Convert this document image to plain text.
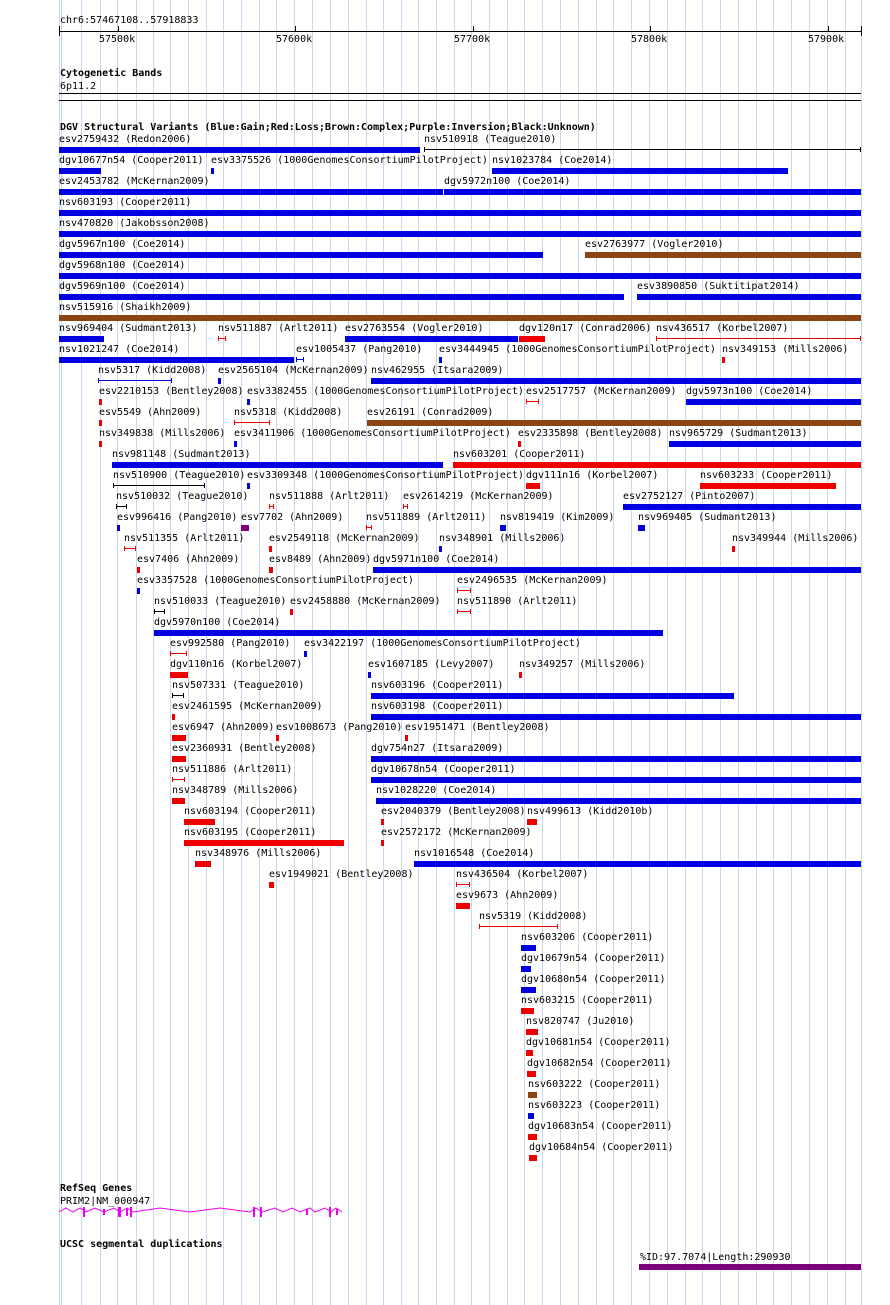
chr6:57467108..57918833
57500k	57600k	57700k	57800k	57900k
Cytogenetic Bands
6p11.2
DGV Structural Variants (Blue:Gain;Red:Loss;Brown:Complex;Purple:Inversion;Black:Unknown)
esv2759432 (Redon2006)	nsv510918 (Teague2010)
dgv10677n54 (Cooper2011) esv3375526 (1000GenomesConsortiumPilotProject) nsv1023784 (Coe2014)
esv2453782 (McKernan2009)	dgv5972n100 (Coe2014)
nsv603193 (Cooper2011)
nsv470820 (Jakobsson2008)
dgv5967n100 (Coe2014)	esv2763977 (Vogler2010)
dgv5968n100 (Coe2014)
dgv5969n100 (Coe2014)	esv3890850 (Suktitipat2014)
nsv515916 (Shaikh2009)
nsv969404 (Sudmant2013) nsv511887 (Arlt2011) esv2763554 (Vogler2010)	dgv120n17 (Conrad2006) nsv436517 (Korbel2007)
nsv1021247 (Coe2014)	esv1005437 (Pang2010) esv3444945 (1000GenomesConsortiumPilotProject) nsv349153 (Mills2006)
nsv5317 (Kidd2008) esv2565104 (McKernan2009) nsv462955 (Itsara2009)
esv2210153 (Bentley2008) esv3382455 (1000GenomesConsortiumPilotProject) esv2517757 (McKernan2009) dgv5973n100 (Coe2014)
esv5549 (Ahn2009)	nsv5318 (Kidd2008) esv26191 (Conrad2009)
nsv349838 (Mills2006) esv3411906 (1000GenomesConsortiumPilotProject) esv2335898 (Bentley2008) nsv965729 (Sudmant2013)
nsv981148 (Sudmant2013)	nsv603201 (Cooper2011)
nsv510900 (Teague2010) esv3309348 (1000GenomesConsortiumPilotProject) dgv111n16 (Korbel2007)	nsv603233 (Cooper2011)
nsv510032 (Teague2010) nsv511888 (Arlt2011) esv2614219 (McKernan2009)	esv2752127 (Pinto2007)
esv996416 (Pang2010) esv7702 (Ahn2009) nsv511889 (Arlt2011) nsv819419 (Kim2009) nsv969405 (Sudmant2013)
nsv511355 (Arlt2011) esv2549118 (McKernan2009) nsv348901 (Mills2006)	nsv349944 (Mills2006)
esv7406 (Ahn2009)	esv8489 (Ahn2009) dgv5971n100 (Coe2014)
esv3357528 (1000GenomesConsortiumPilotProject)	esv2496535 (McKernan2009)
nsv510033 (Teague2010) esv2458880 (McKernan2009) nsv511890 (Arlt2011)
dgv5970n100 (Coe2014)
esv992580 (Pang2010) esv3422197 (1000GenomesConsortiumPilotProject)
dgv110n16 (Korbel2007)	esv1607185 (Levy2007) nsv349257 (Mills2006)
nsv507331 (Teague2010)	nsv603196 (Cooper2011)
esv2461595 (McKernan2009)	nsv603198 (Cooper2011)
esv6947 (Ahn2009) esv1008673 (Pang2010) esv1951471 (Bentley2008)
esv2360931 (Bentley2008)	dgv754n27 (Itsara2009)
nsv511886 (Arlt2011)	dgv10678n54 (Cooper2011)
nsv348789 (Mills2006)	nsv1028220 (Coe2014)
nsv603194 (Cooper2011)	esv2040379 (Bentley2008) nsv499613 (Kidd2010b)
nsv603195 (Cooper2011)	esv2572172 (McKernan2009)
nsv348976 (Mills2006)	nsv1016548 (Coe2014)
esv1949021 (Bentley2008)	nsv436504 (Korbel2007)
esv9673 (Ahn2009)
nsv5319 (Kidd2008)
nsv603206 (Cooper2011)
dgv10679n54 (Cooper2011)
dgv10680n54 (Cooper2011)
nsv603215 (Cooper2011)
nsv820747 (Ju2010)
dgv10681n54 (Cooper2011)
dgv10682n54 (Cooper2011)
nsv603222 (Cooper2011)
nsv603223 (Cooper2011)
dgv10683n54 (Cooper2011)
dgv10684n54 (Cooper2011)
RefSeq Genes
PRIM2|NM_000947
UCSC segmental duplications
%ID:97.7074|Length:290930
